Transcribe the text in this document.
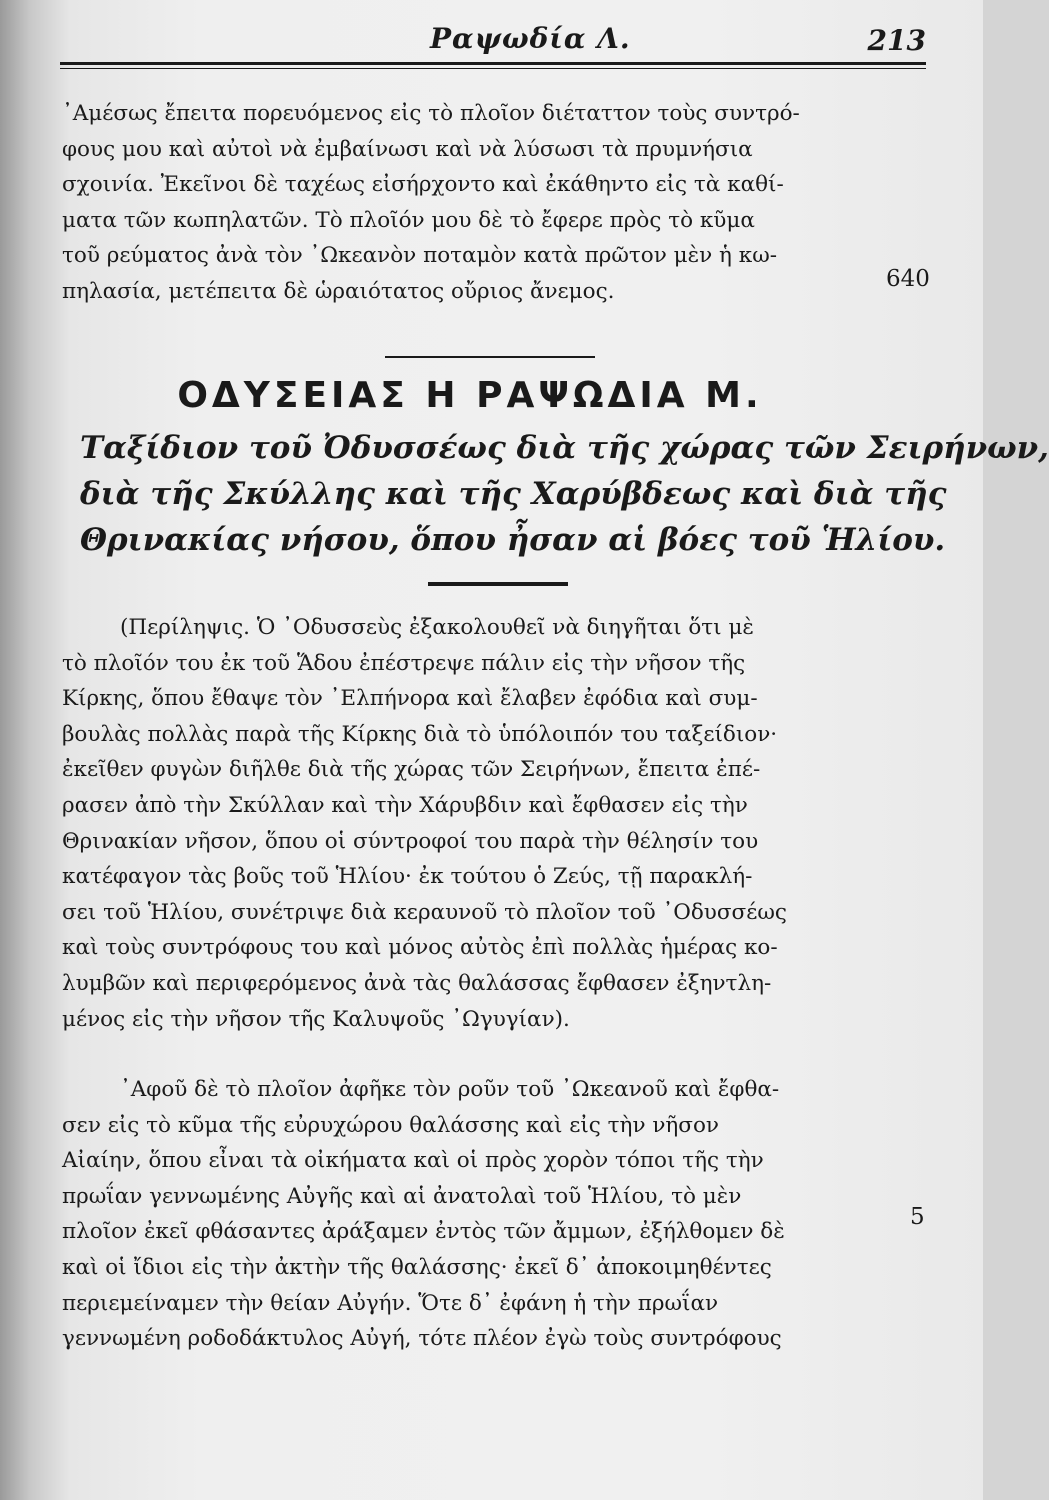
Ραψωδία Λ.	213
᾿Αμέσως ἔπειτα πορευόμενος εἰς τὸ πλοῖον διέταττον τοὺς συντρό-
φους μου καὶ αὐτοὶ νὰ ἐμβαίνωσι καὶ νὰ λύσωσι τὰ πρυμνήσια
σχοινία. Ἐκεῖνοι δὲ ταχέως εἰσήρχοντο καὶ ἐκάθηντο εἰς τὰ καθί-
ματα τῶν κωπηλατῶν. Τὸ πλοῖόν μου δὲ τὸ ἔφερε πρὸς τὸ κῦμα
τοῦ ρεύματος ἀνὰ τὸν ᾿Ωκεανὸν ποταμὸν κατὰ πρῶτον μὲν ἡ κω-
πηλασία, μετέπειτα δὲ ὡραιότατος οὔριος ἄνεμος.	640
ΟΔΥΣΕΙΑΣ Η ΡΑΨΩΔΙΑ Μ.
Ταξίδιον τοῦ Ὀδυσσέως διὰ τῆς χώρας τῶν Σειρήνων,
διὰ τῆς Σκύλλης καὶ τῆς Χαρύβδεως καὶ διὰ τῆς
Θρινακίας νήσου, ὅπου ἦσαν αἱ βόες τοῦ Ἡλίου.
(Περίληψις. Ὁ ᾿Οδυσσεὺς ἐξακολουθεῖ νὰ διηγῆται ὅτι μὲ
τὸ πλοῖόν του ἐκ τοῦ Ἅδου ἐπέστρεψε πάλιν εἰς τὴν νῆσον τῆς
Κίρκης, ὅπου ἔθαψε τὸν ᾿Ελπήνορα καὶ ἔλαβεν ἐφόδια καὶ συμ-
βουλὰς πολλὰς παρὰ τῆς Κίρκης διὰ τὸ ὑπόλοιπόν του ταξείδιον·
ἐκεῖθεν φυγὼν διῆλθε διὰ τῆς χώρας τῶν Σειρήνων, ἔπειτα ἐπέ-
ρασεν ἀπὸ τὴν Σκύλλαν καὶ τὴν Χάρυβδιν καὶ ἔφθασεν εἰς τὴν
Θρινακίαν νῆσον, ὅπου οἱ σύντροφοί του παρὰ τὴν θέλησίν του
κατέφαγον τὰς βοῦς τοῦ Ἡλίου· ἐκ τούτου ὁ Ζεύς, τῇ παρακλή-
σει τοῦ Ἡλίου, συνέτριψε διὰ κεραυνοῦ τὸ πλοῖον τοῦ ᾿Οδυσσέως
καὶ τοὺς συντρόφους του καὶ μόνος αὐτὸς ἐπὶ πολλὰς ἡμέρας κο-
λυμβῶν καὶ περιφερόμενος ἀνὰ τὰς θαλάσσας ἔφθασεν ἐξηντλη-
μένος εἰς τὴν νῆσον τῆς Καλυψοῦς ᾿Ωγυγίαν).
᾿Αφοῦ δὲ τὸ πλοῖον ἀφῆκε τὸν ροῦν τοῦ ᾿Ωκεανοῦ καὶ ἔφθα-
σεν εἰς τὸ κῦμα τῆς εὐρυχώρου θαλάσσης καὶ εἰς τὴν νῆσον
Αἰαίην, ὅπου εἶναι τὰ οἰκήματα καὶ οἱ πρὸς χορὸν τόποι τῆς τὴν
πρωΐαν γεννωμένης Αὐγῆς καὶ αἱ ἀνατολαὶ τοῦ Ἡλίου, τὸ μὲν
πλοῖον ἐκεῖ φθάσαντες ἀράξαμεν ἐντὸς τῶν ἄμμων, ἐξήλθομεν δὲ
καὶ οἱ ἴδιοι εἰς τὴν ἀκτὴν τῆς θαλάσσης· ἐκεῖ δ᾿ ἀποκοιμηθέντες
περιεμείναμεν τὴν θείαν Αὐγήν. Ὅτε δ᾿ ἐφάνη ἡ τὴν πρωΐαν
γεννωμένη ροδοδάκτυλος Αὐγή, τότε πλέον ἐγὼ τοὺς συντρόφους
5
